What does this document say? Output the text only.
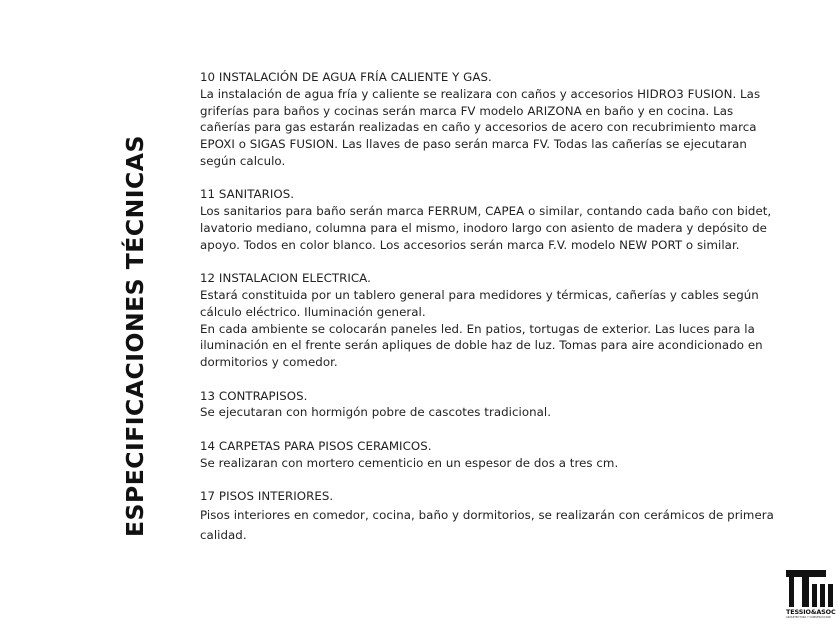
ESPECIFICACIONES TÉCNICAS
10 INSTALACIÓN DE AGUA FRÍA CALIENTE Y GAS.

La instalación de agua fría y caliente se realizara con caños y accesorios HIDRO3 FUSION. Las griferías para baños y cocinas serán marca FV modelo ARIZONA en baño y en cocina. Las cañerías para gas estarán realizadas en caño y accesorios de acero con recubrimiento marca EPOXI o SIGAS FUSION. Las llaves de paso serán marca FV. Todas las cañerías se ejecutaran según calculo.

11 SANITARIOS.

Los sanitarios para baño serán marca FERRUM, CAPEA o similar, contando cada baño con bidet, lavatorio mediano, columna para el mismo, inodoro largo con asiento de madera y depósito de apoyo. Todos en color blanco. Los accesorios serán marca F.V. modelo NEW PORT o similar.

12 INSTALACION ELECTRICA.

Estará constituida por un tablero general para medidores y térmicas, cañerías y cables según cálculo eléctrico. Iluminación general.

En cada ambiente se colocarán paneles led. En patios, tortugas de exterior. Las luces para la iluminación en el frente serán apliques de doble haz de luz. Tomas para aire acondicionado en dormitorios y comedor.

13 CONTRAPISOS.

Se ejecutaran con hormigón pobre de cascotes tradicional.

14 CARPETAS PARA PISOS CERAMICOS.

Se realizaran con mortero cementicio en un espesor de dos a tres cm.

17 PISOS INTERIORES.

Pisos interiores en comedor, cocina, baño y dormitorios, se realizarán con cerámicos de primera calidad.

TESSIO&ASOC
ARQUITECTURA Y CONSTRUCCION
